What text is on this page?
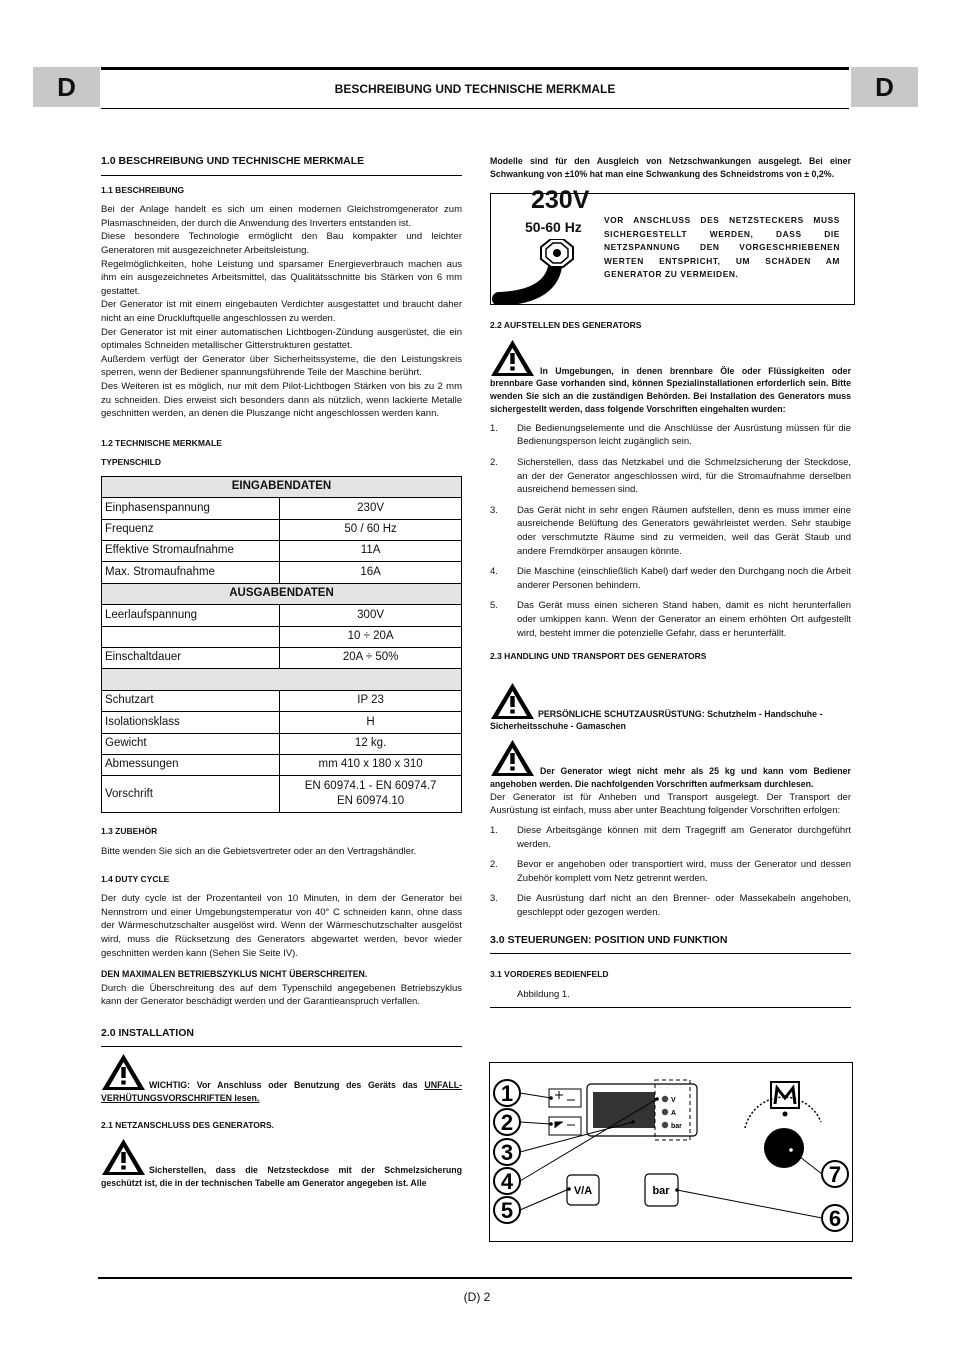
D	BESCHREIBUNG UND TECHNISCHE MERKMALE	D
1.0 BESCHREIBUNG UND TECHNISCHE MERKMALE
1.1 BESCHREIBUNG

Bei der Anlage handelt es sich um einen modernen Gleichstromgenerator zum Plasmaschneiden, der durch die Anwendung des Inverters entstanden ist.

Diese besondere Technologie ermöglicht den Bau kompakter und leichter Generatoren mit ausgezeichneter Arbeitsleistung.

Regelmöglichkeiten, hohe Leistung und sparsamer Energieverbrauch machen aus ihm ein ausgezeichnetes Arbeitsmittel, das Qualitätsschnitte bis Stärken von 6 mm gestattet.

Der Generator ist mit einem eingebauten Verdichter ausgestattet und braucht daher nicht an eine Druckluftquelle angeschlossen zu werden.

Der Generator ist mit einer automatischen Lichtbogen-Zündung ausgerüstet, die ein optimales Schneiden metallischer Gitterstrukturen gestattet.

Außerdem verfügt der Generator über Sicherheitssysteme, die den Leistungskreis sperren, wenn der Bediener spannungsführende Teile der Maschine berührt.

Des Weiteren ist es möglich, nur mit dem Pilot-Lichtbogen Stärken von bis zu 2 mm zu schneiden. Dies erweist sich besonders dann als nützlich, wenn lackierte Metalle geschnitten werden, an denen die Pluszange nicht angeschlossen werden kann.

1.2 TECHNISCHE MERKMALE
TYPENSCHILD
EINGABENDATEN	
Einphasenspannung	230V
Frequenz	50 / 60 Hz
Effektive Stromaufnahme	11A
Max. Stromaufnahme	16A
AUSGABENDATEN	
Leerlaufspannung	300V
	10 ÷ 20A
Einschaltdauer	20A ÷ 50%

Schutzart	IP 23
Isolationsklass	H
Gewicht	12 kg.
Abmessungen	mm 410 x 180 x 310
Vorschrift	EN 60974.1 - EN 60974.7
EN 60974.10
1.3 ZUBEHÖR

Bitte wenden Sie sich an die Gebietsvertreter oder an den Vertragshändler.

1.4 DUTY CYCLE

Der duty cycle ist der Prozentanteil von 10 Minuten, in dem der Generator bei Nennstrom und einer Umgebungstemperatur von 40° C schneiden kann, ohne dass der Wärmeschutzschalter ausgelöst wird. Wenn der Wärmeschutzschalter ausgelöst wird, muss die Rücksetzung des Generators abgewartet werden, bevor wieder geschnitten werden kann (Sehen Sie Seite IV).

DEN MAXIMALEN BETRIEBSZYKLUS NICHT ÜBERSCHREITEN.

Durch die Überschreitung des auf dem Typenschild angegebenen Betriebszyklus kann der Generator beschädigt werden und der Garantieanspruch verfallen.

2.0 INSTALLATION

WICHTIG: Vor Anschluss oder Benutzung des Geräts das UNFALL-VERHÜTUNGSVORSCHRIFTEN lesen.

2.1 NETZANSCHLUSS DES GENERATORS.

Sicherstellen, dass die Netzsteckdose mit der Schmelzsicherung geschützt ist, die in der technischen Tabelle am Generator angegeben ist. Alle

Modelle sind für den Ausgleich von Netzschwankungen ausgelegt. Bei einer Schwankung von ±10% hat man eine Schwankung des Schneidstroms von ± 0,2%.

230V
50-60 Hz	VOR ANSCHLUSS DES NETZSTECKERS MUSS SICHERGESTELLT WERDEN, DASS DIE NETZSPANNUNG DEN VORGESCHRIEBENEN WERTEN ENTSPRICHT, UM SCHÄDEN AM GENERATOR ZU VERMEIDEN.
2.2 AUFSTELLEN DES GENERATORS

In Umgebungen, in denen brennbare Öle oder Flüssigkeiten oder brennbare Gase vorhanden sind, können Spezialinstallationen erforderlich sein. Bitte wenden Sie sich an die zuständigen Behörden. Bei Installation des Generators muss sichergestellt werden, dass folgende Vorschriften eingehalten wurden:

1. Die Bedienungselemente und die Anschlüsse der Ausrüstung müssen für die Bedienungsperson leicht zugänglich sein.
2. Sicherstellen, dass das Netzkabel und die Schmelzsicherung der Steckdose, an der der Generator angeschlossen wird, für die Stromaufnahme derselben ausreichend bemessen sind.
3. Das Gerät nicht in sehr engen Räumen aufstellen, denn es muss immer eine ausreichende Belüftung des Generators gewährleistet werden. Sehr staubige oder verschmutzte Räume sind zu vermeiden, weil das Gerät Staub und andere Fremdkörper ansaugen könnte.
4. Die Maschine (einschließlich Kabel) darf weder den Durchgang noch die Arbeit anderer Personen behindern.
5. Das Gerät muss einen sicheren Stand haben, damit es nicht herunterfallen oder umkippen kann. Wenn der Generator an einem erhöhten Ort aufgestellt wird, besteht immer die potenzielle Gefahr, dass er herunterfällt.
2.3 HANDLING UND TRANSPORT DES GENERATORS

PERSÖNLICHE SCHUTZAUSRÜSTUNG: Schutzhelm - Handschuhe - Sicherheitsschuhe - Gamaschen

Der Generator wiegt nicht mehr als 25 kg und kann vom Bediener angehoben werden. Die nachfolgenden Vorschriften aufmerksam durchlesen.

Der Generator ist für Anheben und Transport ausgelegt. Der Transport der Ausrüstung ist einfach, muss aber unter Beachtung folgender Vorschriften erfolgen:

1. Diese Arbeitsgänge können mit dem Tragegriff am Generator durchgeführt werden.
2. Bevor er angehoben oder transportiert wird, muss der Generator und dessen Zubehör komplett vom Netz getrennt werden.
3. Die Ausrüstung darf nicht an den Brenner- oder Massekabeln angehoben, geschleppt oder gezogen werden.
3.0 STEUERUNGEN: POSITION UND FUNKTION
3.1 VORDERES BEDIENFELD

Abbildung 1.

1
2
3
4
5	6
7
V
A
bar
V/A	bar
(D) 2
